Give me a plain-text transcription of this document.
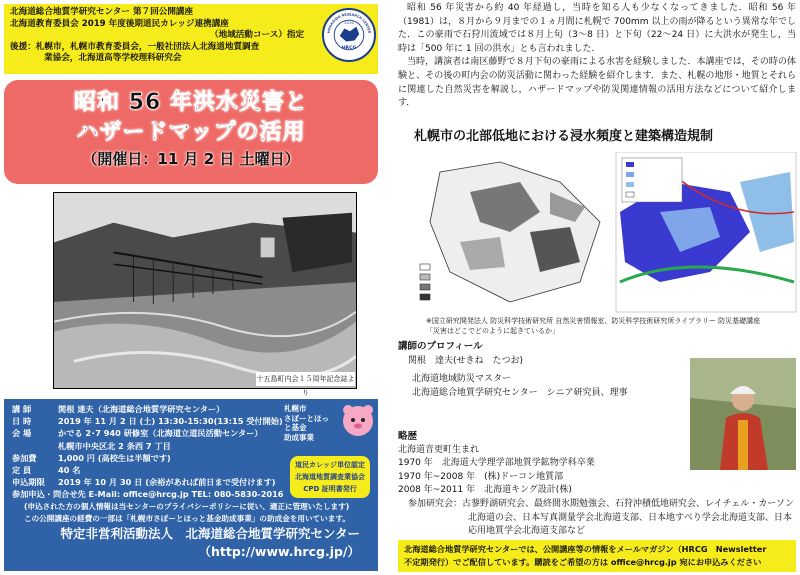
北海道総合地質学研究センター 第７回公開講座
北海道教育委員会 2019 年度後期道民カレッジ連携講座
（地域活動コース）指定
後援：札幌市，札幌市教育委員会，一般社団法人北海道地質調査
業協会，北海道高等学校理科研究会
HRCG
2016
HOKKAIDO RESEARCH CENTER
昭和 56 年洪水災害と
ハザードマップの活用
（開催日：11 月 2 日 土曜日）
十五島町内会１５周年記念誌より
講 師	関根 達夫（北海道総合地質学研究センター）
日 時	2019 年 11 月 2 日 (土) 13:30-15:30(13:15 受付開始)
会 場	かでる 2･7 940 研修室（北海道立道民活動センター）
札幌市中央区北 2 条西 7 丁目
参加費	1,000 円 (高校生は半額です)
定 員	40 名
申込期限 2019 年 10 月 30 日 (余裕があれば前日まで受付けます)
参加申込・問合せ先 E-Mail: office@hrcg.jp TEL: 080-5830-2016
(申込された方の個人情報は当センターのプライバシーポリシーに従い、適正に管理いたします)
この公開講座の経費の一部は「札幌市さぽーとほっと基金助成事業」の助成金を用いています。
特定非営利活動法人　北海道総合地質学研究センター
（http://www.hrcg.jp/）
札幌市
さぽーとほっと基金
助成事業
道民カレッジ単位認定
北海道地質調査業協会
CPD 証明書発行

昭和 56 年災害から約 40 年経過し，当時を知る人も少なくなってきました．昭和 56 年（1981）は，８月から９月までの１ヵ月間に札幌で 700mm 以上の雨が降るという異常な年でした．この豪雨で石狩川流域では８月上旬（3～8 日）と下旬（22～24 日）に大洪水が発生し，当時は「500 年に 1 回の洪水」とも言われました．

当時，講演者は南区藤野で８月下旬の豪雨による水害を経験しました．本講座では，その時の体験と、その後の町内会の防災活動に関わった経験を紹介します．また、札幌の地形・地質とそれらに関連した自然災害を解説し，ハザードマップや防災関連情報の活用方法などについて紹介します．

札幌市の北部低地における浸水頻度と建築構造規制
※国立研究開発法人 防災科学技術研究所 自然災害情報室、防災科学技術研究所ライブラリー 防災基礎講座
「災害はどこでどのように起きているか」
講師のプロフィール
関根　達夫(せきね　たつお)
北海道地域防災マスター
北海道総合地質学研究センター　シニア研究員、理事
略歴
北海道音更町生まれ
1970 年　北海道大学理学部地質学鉱物学科卒業
1970 年~2008 年　(株)ドーコン地質部
2008 年~2011 年　北海道キング設計(株)
参加研究会：古蓼野湖研究会、最終間氷期勉強会、石狩沖積低地研究会、レイチェル・カーソン北海道の会、日本写真測量学会北海道支部、日本地すべり学会北海道支部、日本応用地質学会北海道支部など
北海道総合地質学研究センターでは、公開講座等の情報をメールマガジン（HRCG　Newsletter
不定期発行）でご配信しています。購読をご希望の方は office@hrcg.jp 宛にお申込みください
